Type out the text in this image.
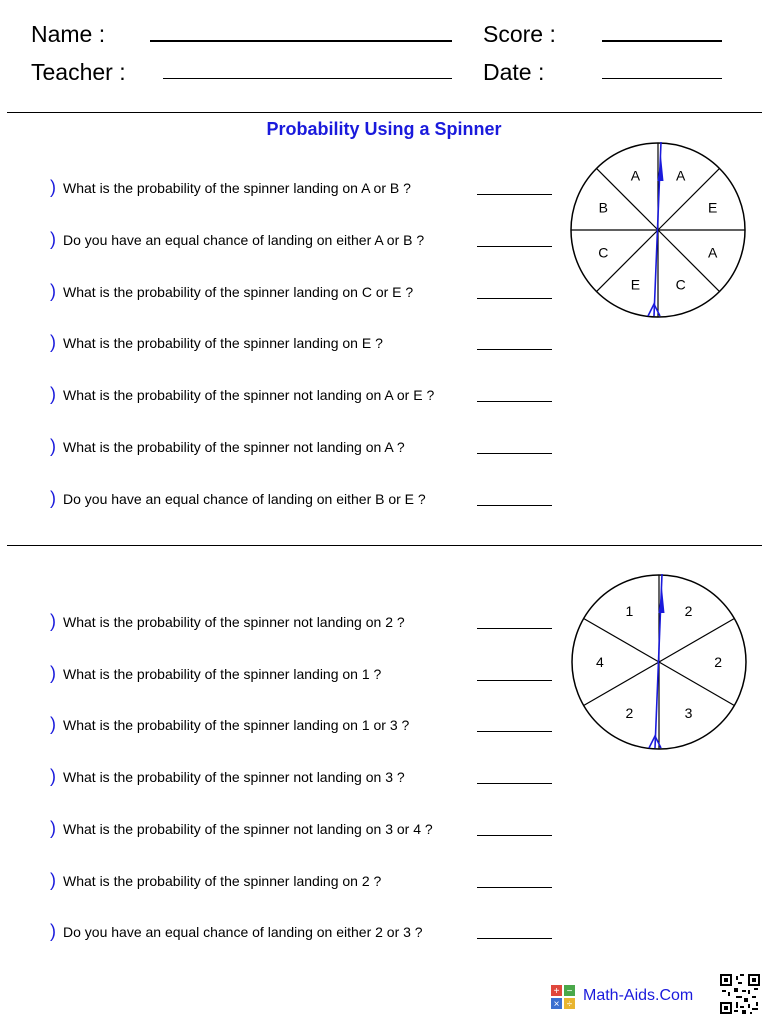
Name :
Teacher :
Score :
Date :
Probability Using a Spinner
) What is the probability of the spinner landing on A or B ?
) Do you have an equal chance of landing on either A or B ?
) What is the probability of the spinner landing on C or E ?
) What is the probability of the spinner landing on E ?
) What is the probability of the spinner not landing on A or E ?
) What is the probability of the spinner not landing on A ?
) Do you have an equal chance of landing on either B or E ?
) What is the probability of the spinner not landing on 2 ?
) What is the probability of the spinner landing on 1 ?
) What is the probability of the spinner landing on 1 or 3 ?
) What is the probability of the spinner not landing on 3 ?
) What is the probability of the spinner not landing on 3 or 4 ?
) What is the probability of the spinner landing on 2 ?
) Do you have an equal chance of landing on either 2 or 3 ?
A
E
A
C
E
C
B
A
2
2
3
2
4
1
+ −
× ÷
Math-Aids.Com
